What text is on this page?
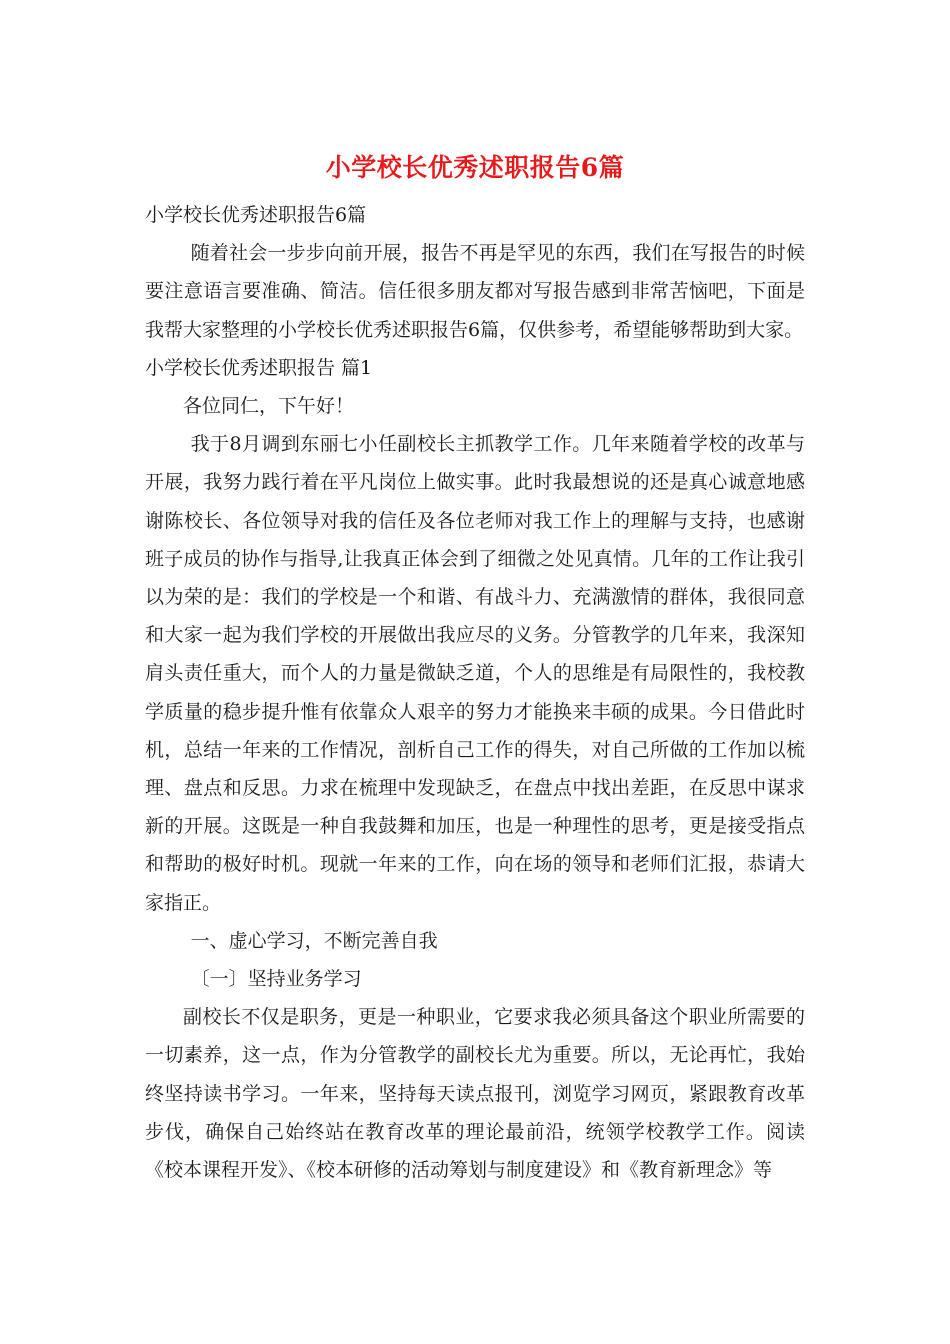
小学校长优秀述职报告6篇

小学校长优秀述职报告6篇

随着社会一步步向前开展，报告不再是罕见的东西，我们在写报告的时候要注意语言要准确、简洁。信任很多朋友都对写报告感到非常苦恼吧，下面是我帮大家整理的小学校长优秀述职报告6篇，仅供参考，希望能够帮助到大家。

小学校长优秀述职报告 篇1

各位同仁，下午好！

我于8月调到东丽七小任副校长主抓教学工作。几年来随着学校的改革与开展，我努力践行着在平凡岗位上做实事。此时我最想说的还是真心诚意地感谢陈校长、各位领导对我的信任及各位老师对我工作上的理解与支持，也感谢班子成员的协作与指导,让我真正体会到了细微之处见真情。几年的工作让我引以为荣的是：我们的学校是一个和谐、有战斗力、充满激情的群体，我很同意和大家一起为我们学校的开展做出我应尽的义务。分管教学的几年来，我深知肩头责任重大，而个人的力量是微缺乏道，个人的思维是有局限性的，我校教学质量的稳步提升惟有依靠众人艰辛的努力才能换来丰硕的成果。今日借此时机，总结一年来的工作情况，剖析自己工作的得失，对自己所做的工作加以梳理、盘点和反思。力求在梳理中发现缺乏，在盘点中找出差距，在反思中谋求新的开展。这既是一种自我鼓舞和加压，也是一种理性的思考，更是接受指点和帮助的极好时机。现就一年来的工作，向在场的领导和老师们汇报，恭请大家指正。

一、虚心学习，不断完善自我

〔一〕坚持业务学习

副校长不仅是职务，更是一种职业，它要求我必须具备这个职业所需要的一切素养，这一点，作为分管教学的副校长尤为重要。所以，无论再忙，我始终坚持读书学习。一年来，坚持每天读点报刊，浏览学习网页，紧跟教育改革步伐，确保自己始终站在教育改革的理论最前沿，统领学校教学工作。阅读《校本课程开发》、《校本研修的活动筹划与制度建设》和《教育新理念》等
